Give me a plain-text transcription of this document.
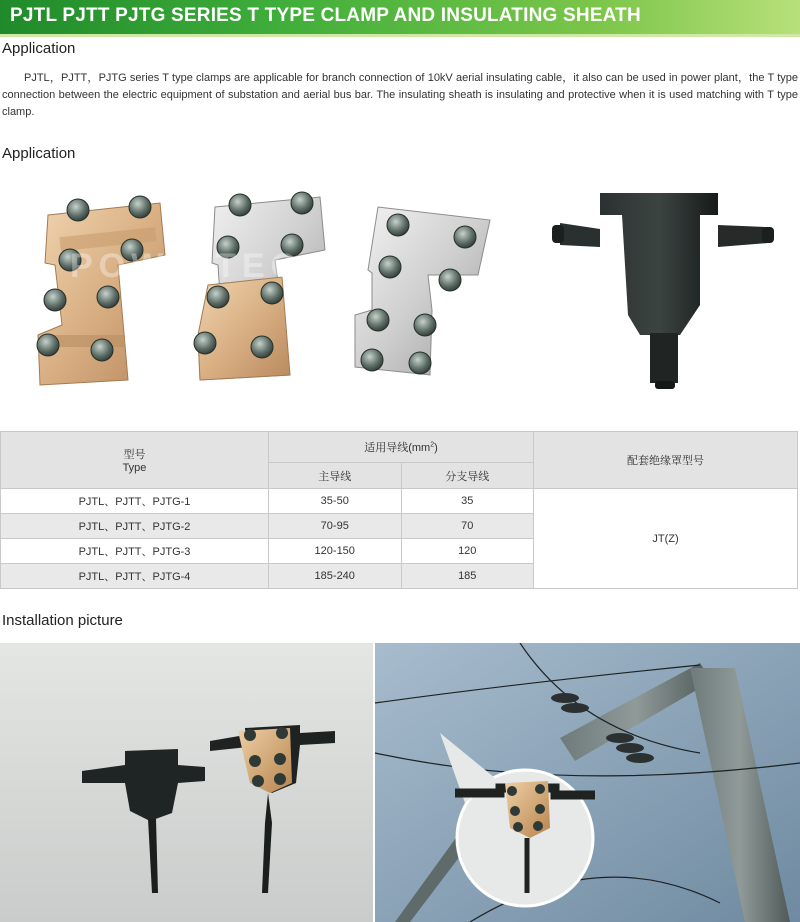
PJTL PJTT PJTG SERIES T TYPE CLAMP AND INSULATING SHEATH
Application
PJTL，PJTT，PJTG series T type clamps are applicable for branch connection of 10kV aerial insulating cable，it also can be used in power plant，the T type connection between the electric equipment of substation and aerial bus bar. The insulating sheath is insulating and protective when it is used matching with T type clamp.
Application
POWINTEG
型号
Type	适用导线$(mm^2)$		配套绝缘罩型号
	主导线	分支导线	
PJTL、PJTT、PJTG-1	35-50	35	JT(Z)
PJTL、PJTT、PJTG-2	70-95	70	
PJTL、PJTT、PJTG-3	120-150	120	
PJTL、PJTT、PJTG-4	185-240	185	
Installation picture
